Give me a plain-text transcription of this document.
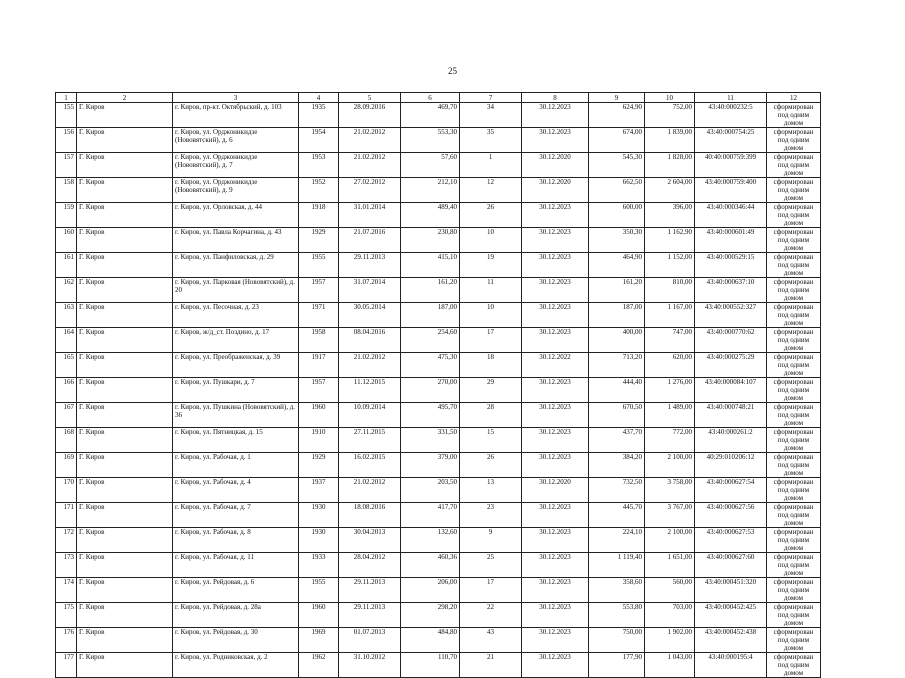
25
1	2	3	4	5	6	7	8	9	10	11	12
155	Г. Киров	г. Киров, пр-кт. Октябрьский, д. 103	1935	28.09.2016	469,70	34	30.12.2023	624,90	752,00	43:40:000232:5	сформирован под одним домом
156	Г. Киров	г. Киров, ул. Орджоникидзе (Нововятский), д. 6	1954	21.02.2012	553,30	35	30.12.2023	674,00	1 839,00	43:40:000754:25	сформирован под одним домом
157	Г. Киров	г. Киров, ул. Орджоникидзе (Нововятский), д. 7	1953	21.02.2012	57,60	1	30.12.2020	545,30	1 828,00	40:40:000759:399	сформирован под одним домом
158	Г. Киров	г. Киров, ул. Орджоникидзе (Нововятский), д. 9	1952	27.02.2012	212,10	12	30.12.2020	662,50	2 604,00	43:40:000759:400	сформирован под одним домом
159	Г. Киров	г. Киров, ул. Орловская, д. 44	1918	31.01.2014	489,40	26	30.12.2023	600,00	396,00	43:40:000346:44	сформирован под одним домом
160	Г. Киров	г. Киров, ул. Павла Корчагина, д. 43	1929	21.07.2016	230,80	10	30.12.2023	350,30	1 162,90	43:40:000601:49	сформирован под одним домом
161	Г. Киров	г. Киров, ул. Панфиловская, д. 29	1955	29.11.2013	415,10	19	30.12.2023	464,90	1 152,00	43:40:000529:15	сформирован под одним домом
162	Г. Киров	г. Киров, ул. Парковая (Нововятский), д. 20	1957	31.07.2014	161,20	11	30.12.2023	161,20	810,00	43:40:000637:10	сформирован под одним домом
163	Г. Киров	г. Киров, ул. Песочная, д. 23	1971	30.05.2014	187,00	10	30.12.2023	187,00	1 167,00	43:40:000552:327	сформирован под одним домом
164	Г. Киров	г. Киров, ж/д_ст. Поздино, д. 17	1958	08.04.2016	254,60	17	30.12.2023	400,00	747,00	43:40:000770:62	сформирован под одним домом
165	Г. Киров	г. Киров, ул. Преображенская, д. 39	1917	21.02.2012	475,30	18	30.12.2022	713,20	620,00	43:40:000275:29	сформирован под одним домом
166	Г. Киров	г. Киров, ул. Пушкари, д. 7	1957	11.12.2015	270,00	29	30.12.2023	444,40	1 276,00	43:40:000084:107	сформирован под одним домом
167	Г. Киров	г. Киров, ул. Пушкина (Нововятский), д. 36	1960	10.09.2014	495,70	28	30.12.2023	670,50	1 489,00	43:40:000748:21	сформирован под одним домом
168	Г. Киров	г. Киров, ул. Пятницкая, д. 15	1910	27.11.2015	331,50	15	30.12.2023	437,70	772,00	43:40:000261:2	сформирован под одним домом
169	Г. Киров	г. Киров, ул. Рабочая, д. 1	1929	16.02.2015	379,00	26	30.12.2023	384,20	2 100,00	40:29:010206:12	сформирован под одним домом
170	Г. Киров	г. Киров, ул. Рабочая, д. 4	1937	21.02.2012	203,50	13	30.12.2020	732,50	3 758,00	43:40:000627:54	сформирован под одним домом
171	Г. Киров	г. Киров, ул. Рабочая, д. 7	1930	18.08.2016	417,70	23	30.12.2023	445,70	3 767,00	43:40:000627:56	сформирован под одним домом
172	Г. Киров	г. Киров, ул. Рабочая, д. 8	1930	30.04.2013	132,60	9	30.12.2023	224,10	2 100,00	43:40:000627:53	сформирован под одним домом
173	Г. Киров	г. Киров, ул. Рабочая, д. 11	1933	28.04.2012	460,36	25	30.12.2023	1 119,40	1 651,00	43:40:000627:60	сформирован под одним домом
174	Г. Киров	г. Киров, ул. Рейдовая, д. 6	1955	29.11.2013	206,00	17	30.12.2023	358,60	560,00	43:40:000451:320	сформирован под одним домом
175	Г. Киров	г. Киров, ул. Рейдовая, д. 28а	1960	29.11.2013	298,20	22	30.12.2023	553,80	703,00	43:40:000452:425	сформирован под одним домом
176	Г. Киров	г. Киров, ул. Рейдовая, д. 30	1969	01.07.2013	484,80	43	30.12.2023	750,00	1 902,00	43:40:000452:438	сформирован под одним домом
177	Г. Киров	г. Киров, ул. Родниковская, д. 2	1962	31.10.2012	110,70	21	30.12.2023	177,90	1 043,00	43:40:000195:4	сформирован под одним домом
